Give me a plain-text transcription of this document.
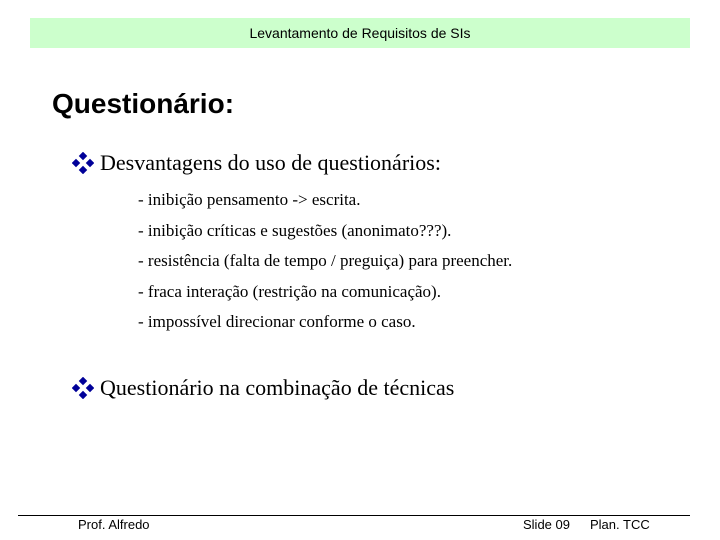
Levantamento de Requisitos de SIs
Questionário:
Desvantagens do uso de questionários:
- inibição pensamento -> escrita.
- inibição críticas e sugestões (anonimato???).
- resistência (falta de tempo / preguiça) para preencher.
- fraca interação (restrição na comunicação).
- impossível direcionar conforme o caso.
Questionário na combinação de técnicas
Prof. Alfredo	Slide 09 Plan. TCC
